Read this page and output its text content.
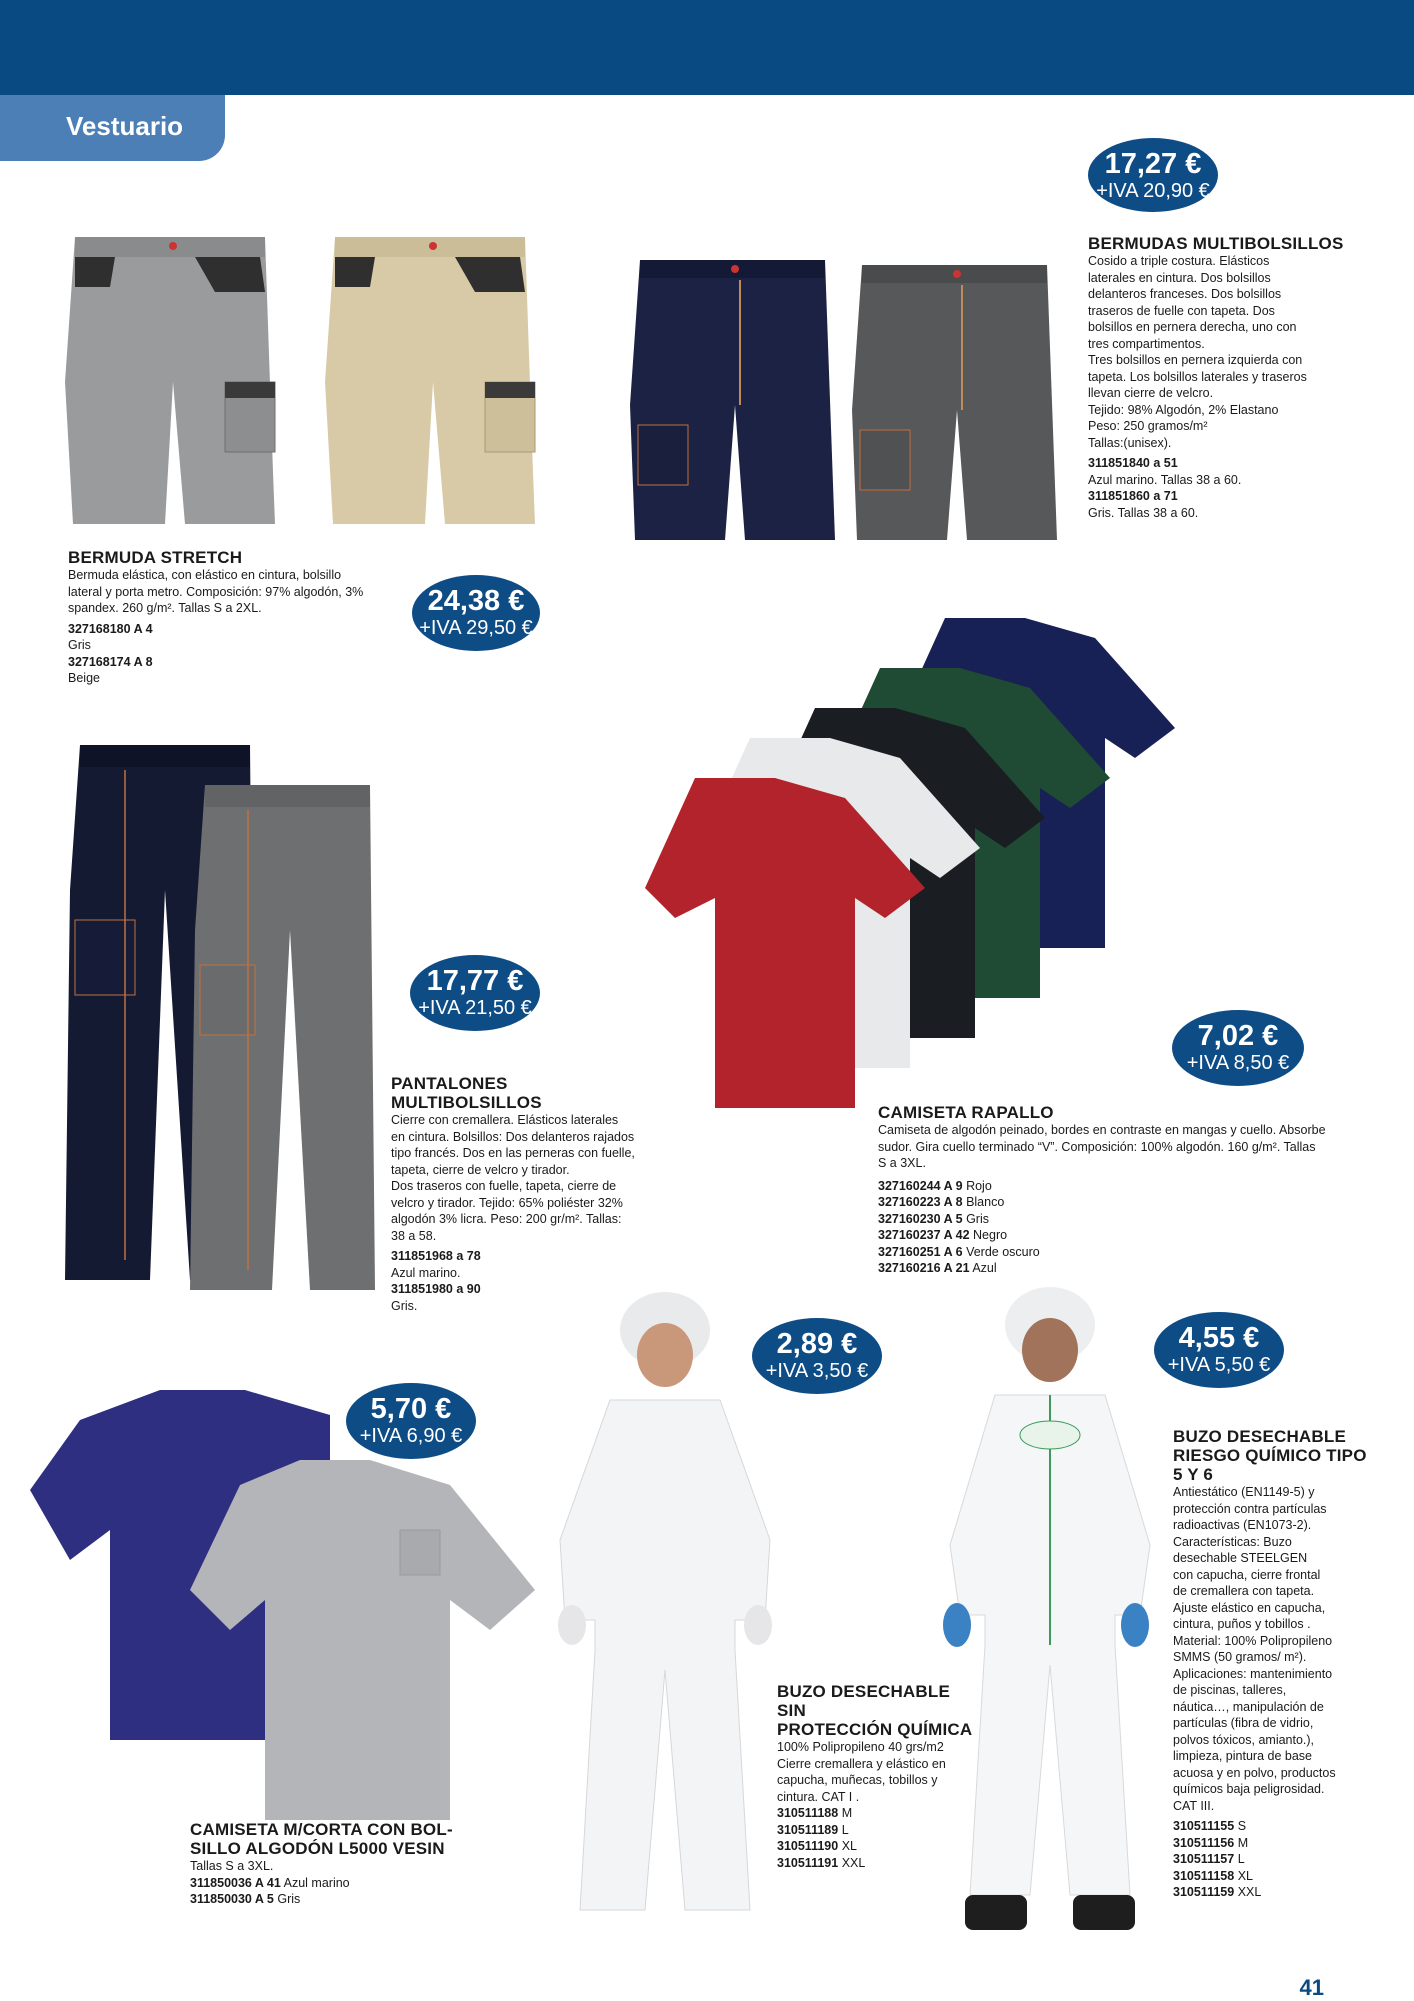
Vestuario
17,27 €
+IVA 20,90 €
24,38 €
+IVA 29,50 €
17,77 €
+IVA 21,50 €
7,02 €
+IVA 8,50 €
5,70 €
+IVA 6,90 €
2,89 €
+IVA 3,50 €
4,55 €
+IVA 5,50 €
BERMUDAS MULTIBOLSILLOS
Cosido a triple costura. Elásticos
laterales en cintura. Dos bolsillos
delanteros franceses. Dos bolsillos
traseros de fuelle con tapeta. Dos
bolsillos en pernera derecha, uno con
tres compartimentos.
Tres bolsillos en pernera izquierda con
tapeta. Los bolsillos laterales y traseros
llevan cierre de velcro.
Tejido: 98% Algodón, 2% Elastano
Peso: 250 gramos/m²
Tallas:(unisex).
311851840 a 51
Azul marino. Tallas 38 a 60.
311851860 a 71
Gris. Tallas 38 a 60.
BERMUDA STRETCH
Bermuda elástica, con elástico en cintura, bolsillo
lateral y porta metro. Composición: 97% algodón, 3%
spandex. 260 g/m². Tallas S a 2XL.
327168180 A 4
Gris
327168174 A 8
Beige
PANTALONES MULTIBOLSILLOS
Cierre con cremallera. Elásticos laterales
en cintura. Bolsillos: Dos delanteros rajados
tipo francés. Dos en las perneras con fuelle,
tapeta, cierre de velcro y tirador.
Dos traseros con fuelle, tapeta, cierre de
velcro y tirador. Tejido: 65% poliéster 32%
algodón 3% licra. Peso: 200 gr/m². Tallas:
38 a 58.
311851968 a 78
Azul marino.
311851980 a 90
Gris.
CAMISETA RAPALLO
Camiseta de algodón peinado, bordes en contraste en mangas y cuello. Absorbe
sudor. Gira cuello terminado “V”. Composición: 100% algodón. 160 g/m². Tallas
S a 3XL.
327160244 A 9 Rojo
327160223 A 8 Blanco
327160230 A 5 Gris
327160237 A 42 Negro
327160251 A 6 Verde oscuro
327160216 A 21 Azul
CAMISETA M/CORTA CON BOL-
SILLO ALGODÓN L5000 VESIN
Tallas S a 3XL.
311850036 A 41 Azul marino
311850030 A 5 Gris
BUZO DESECHABLE SIN
PROTECCIÓN QUÍMICA
100% Polipropileno 40 grs/m2
Cierre cremallera y elástico en
capucha, muñecas, tobillos y
cintura. CAT I .
310511188 M
310511189 L
310511190 XL
310511191 XXL
BUZO DESECHABLE
RIESGO QUÍMICO TIPO
5 Y 6
Antiestático (EN1149-5) y
protección contra partículas
radioactivas (EN1073-2).
Características: Buzo
desechable STEELGEN
con capucha, cierre frontal
de cremallera con tapeta.
Ajuste elástico en capucha,
cintura, puños y tobillos .
Material: 100% Polipropileno
SMMS (50 gramos/ m²).
Aplicaciones: mantenimiento
de piscinas, talleres,
náutica…, manipulación de
partículas (fibra de vidrio,
polvos tóxicos, amianto.),
limpieza, pintura de base
acuosa y en polvo, productos
químicos baja peligrosidad.
CAT III.
310511155 S
310511156 M
310511157 L
310511158 XL
310511159 XXL
41
